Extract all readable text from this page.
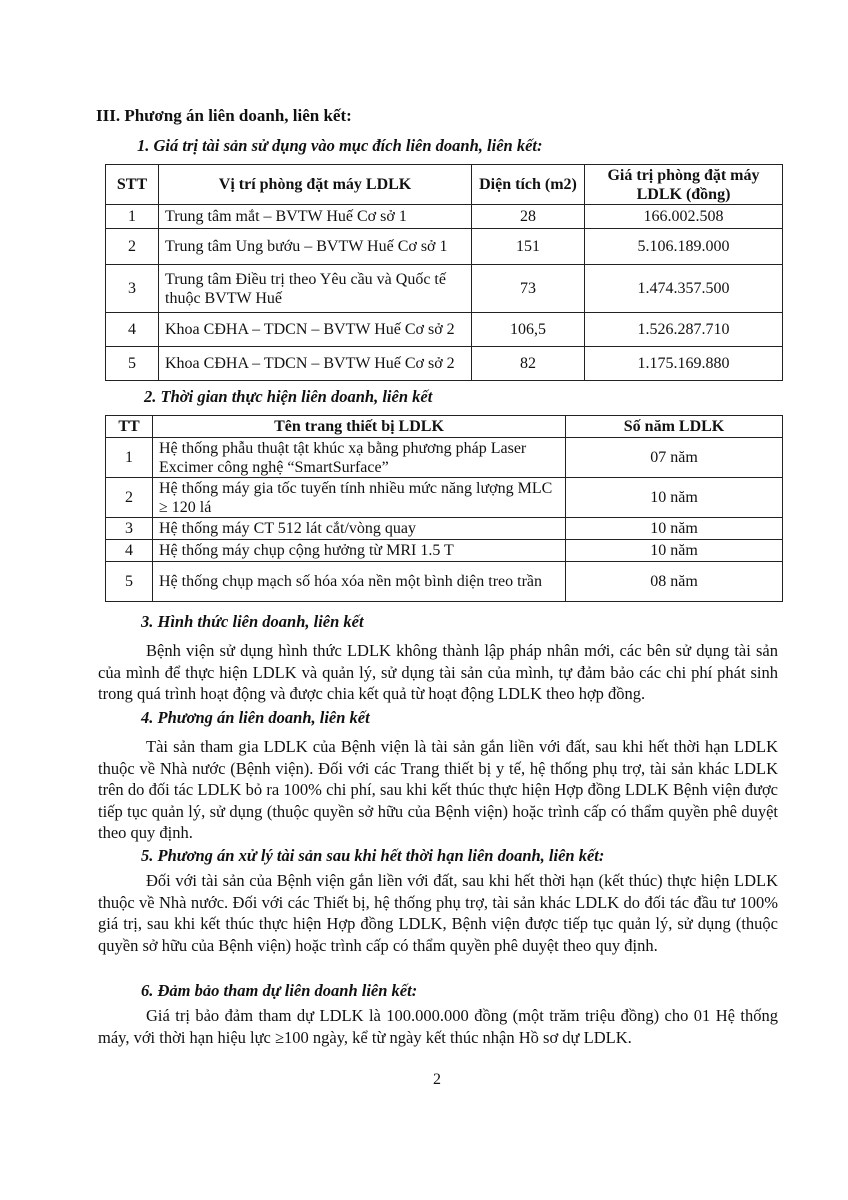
III. Phương án liên doanh, liên kết:
1. Giá trị tài sản sử dụng vào mục đích liên doanh, liên kết:
STT	Vị trí phòng đặt máy LDLK	Diện tích (m2)	Giá trị phòng đặt máy LDLK (đồng)
1	Trung tâm mắt – BVTW Huế Cơ sở 1	28	166.002.508
2	Trung tâm Ung bướu – BVTW Huế Cơ sở 1	151	5.106.189.000
3	Trung tâm Điều trị theo Yêu cầu và Quốc tế thuộc BVTW Huế	73	1.474.357.500
4	Khoa CĐHA – TDCN – BVTW Huế Cơ sở 2	106,5	1.526.287.710
5	Khoa CĐHA – TDCN – BVTW Huế Cơ sở 2	82	1.175.169.880
2. Thời gian thực hiện liên doanh, liên kết
TT	Tên trang thiết bị LDLK	Số năm LDLK
1	Hệ thống phẫu thuật tật khúc xạ bằng phương pháp Laser Excimer công nghệ “SmartSurface”	07 năm
2	Hệ thống máy gia tốc tuyến tính nhiều mức năng lượng MLC ≥ 120 lá	10 năm
3	Hệ thống máy CT 512 lát cắt/vòng quay	10 năm
4	Hệ thống máy chụp cộng hưởng từ MRI 1.5 T	10 năm
5	Hệ thống chụp mạch số hóa xóa nền một bình diện treo trần	08 năm
3. Hình thức liên doanh, liên kết
Bệnh viện sử dụng hình thức LDLK không thành lập pháp nhân mới, các bên sử dụng tài sản của mình để thực hiện LDLK và quản lý, sử dụng tài sản của mình, tự đảm bảo các chi phí phát sinh trong quá trình hoạt động và được chia kết quả từ hoạt động LDLK theo hợp đồng.
4. Phương án liên doanh, liên kết
Tài sản tham gia LDLK của Bệnh viện là tài sản gắn liền với đất, sau khi hết thời hạn LDLK thuộc về Nhà nước (Bệnh viện). Đối với các Trang thiết bị y tế, hệ thống phụ trợ, tài sản khác LDLK trên do đối tác LDLK bỏ ra 100% chi phí, sau khi kết thúc thực hiện Hợp đồng LDLK Bệnh viện được tiếp tục quản lý, sử dụng (thuộc quyền sở hữu của Bệnh viện) hoặc trình cấp có thẩm quyền phê duyệt theo quy định.
5. Phương án xử lý tài sản sau khi hết thời hạn liên doanh, liên kết:
Đối với tài sản của Bệnh viện gắn liền với đất, sau khi hết thời hạn (kết thúc) thực hiện LDLK thuộc về Nhà nước. Đối với các Thiết bị, hệ thống phụ trợ, tài sản khác LDLK do đối tác đầu tư 100% giá trị, sau khi kết thúc thực hiện Hợp đồng LDLK, Bệnh viện được tiếp tục quản lý, sử dụng (thuộc quyền sở hữu của Bệnh viện) hoặc trình cấp có thẩm quyền phê duyệt theo quy định.
6. Đảm bảo tham dự liên doanh liên kết:
Giá trị bảo đảm tham dự LDLK là 100.000.000 đồng (một trăm triệu đồng) cho 01 Hệ thống máy, với thời hạn hiệu lực ≥100 ngày, kể từ ngày kết thúc nhận Hồ sơ dự LDLK.
2
